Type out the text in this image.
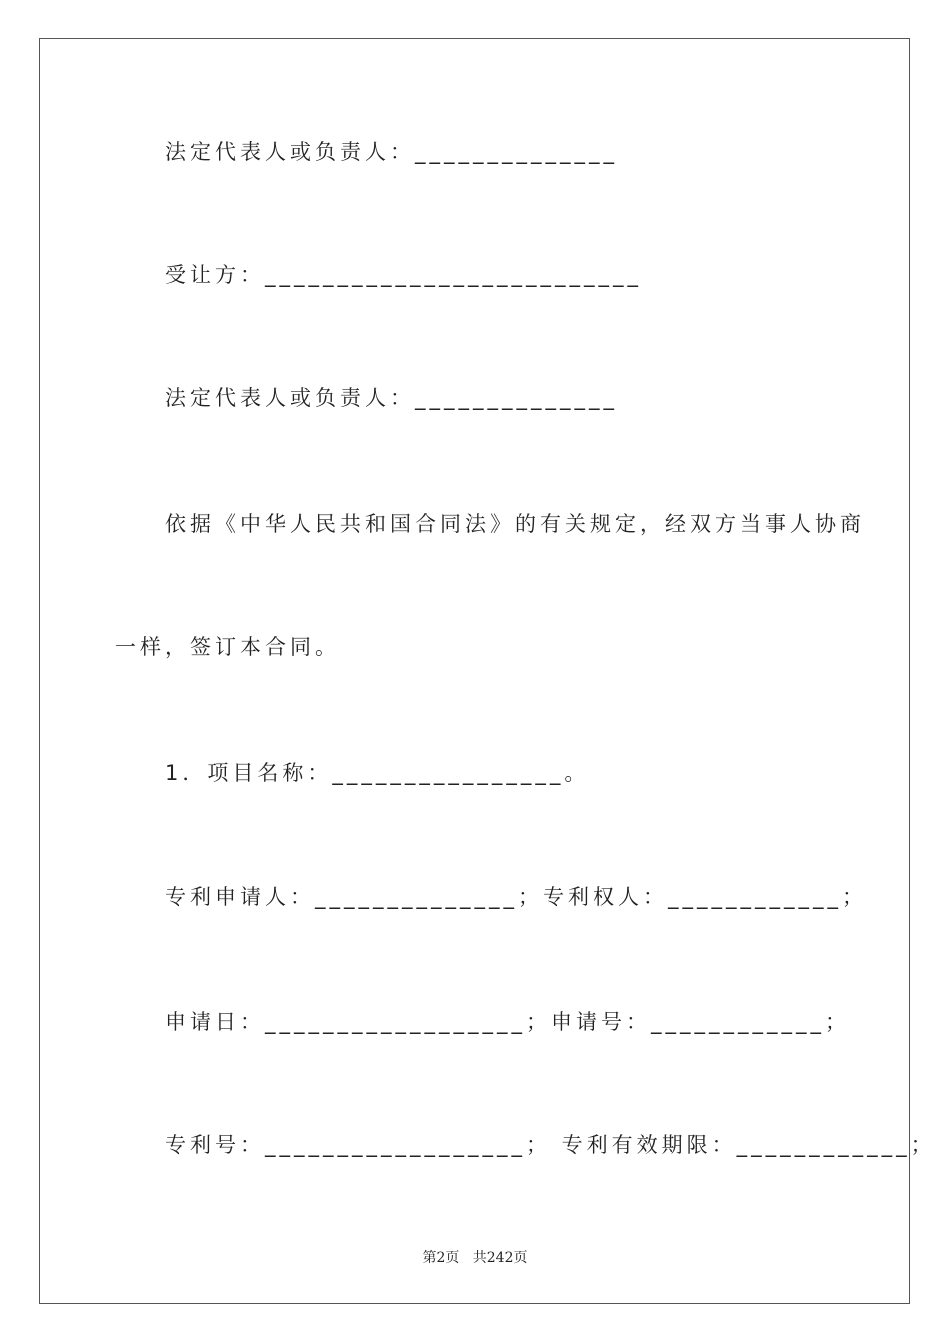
法定代表人或负责人：______________
受让方：__________________________
法定代表人或负责人：______________
依据《中华人民共和国合同法》的有关规定，经双方当事人协商
一样，签订本合同。
1．项目名称：________________。
专利申请人：______________；专利权人：____________；
申请日：__________________；申请号：____________；
专利号：__________________； 专利有效期限：____________；
第2页   共242页
